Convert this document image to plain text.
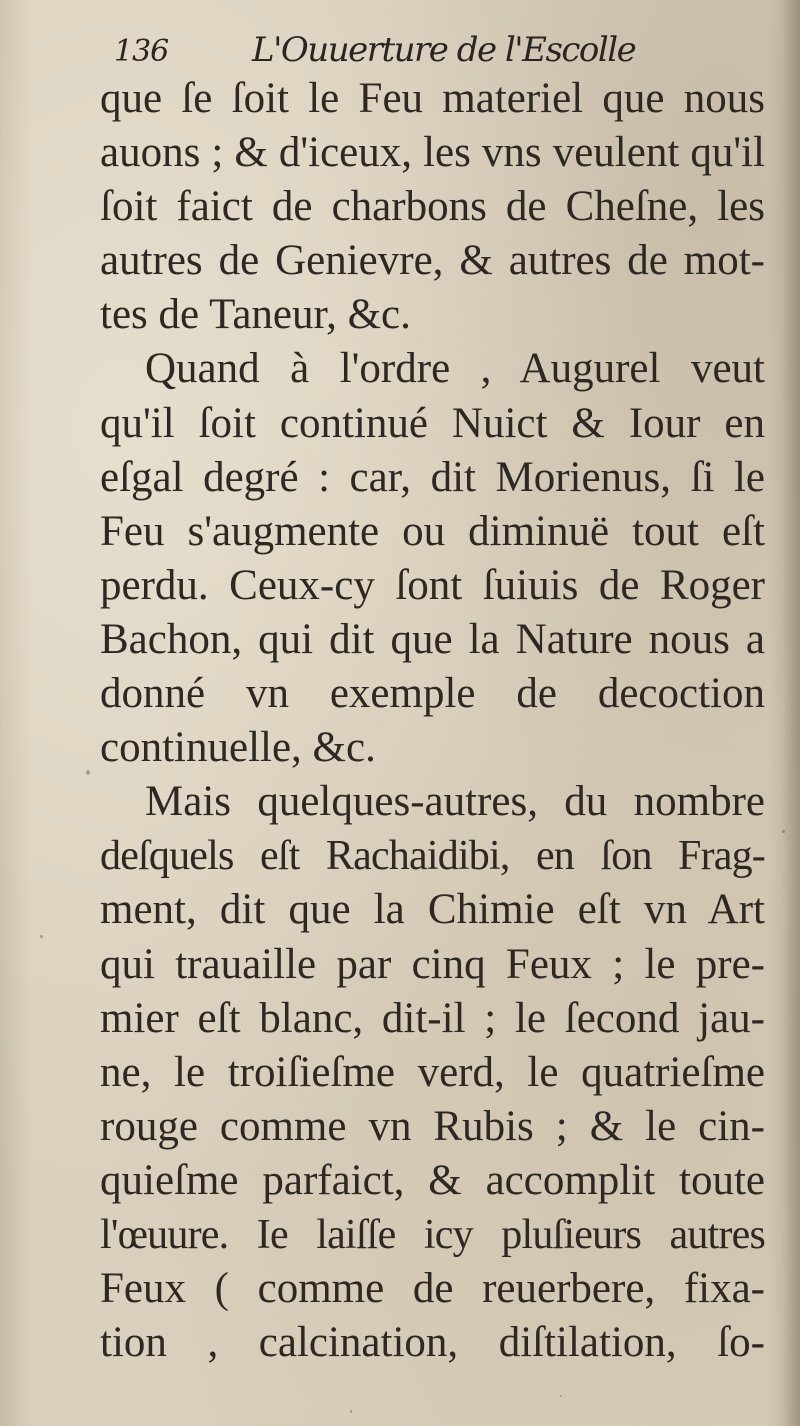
136 L'Ouuerture de l'Escolle
que ſe ſoit le Feu materiel que nous
auons ; & d'iceux, les vns veulent qu'il
ſoit faict de charbons de Cheſne, les
autres de Genievre, & autres de mot-
tes de Taneur, &c.
Quand à l'ordre , Augurel veut
qu'il ſoit continué Nuict & Iour en
eſgal degré : car, dit Morienus, ſi le
Feu s'augmente ou diminuë tout eſt
perdu. Ceux-cy ſont ſuiuis de Roger
Bachon, qui dit que la Nature nous a
donné vn exemple de decoction
continuelle, &c.
Mais quelques-autres, du nombre
deſquels eſt Rachaidibi, en ſon Frag-
ment, dit que la Chimie eſt vn Art
qui trauaille par cinq Feux ; le pre-
mier eſt blanc, dit-il ; le ſecond jau-
ne, le troiſieſme verd, le quatrieſme
rouge comme vn Rubis ; & le cin-
quieſme parfaict, & accomplit toute
l'œuure. Ie laiſſe icy pluſieurs autres
Feux ( comme de reuerbere, fixa-
tion , calcination, diſtilation, ſo-
